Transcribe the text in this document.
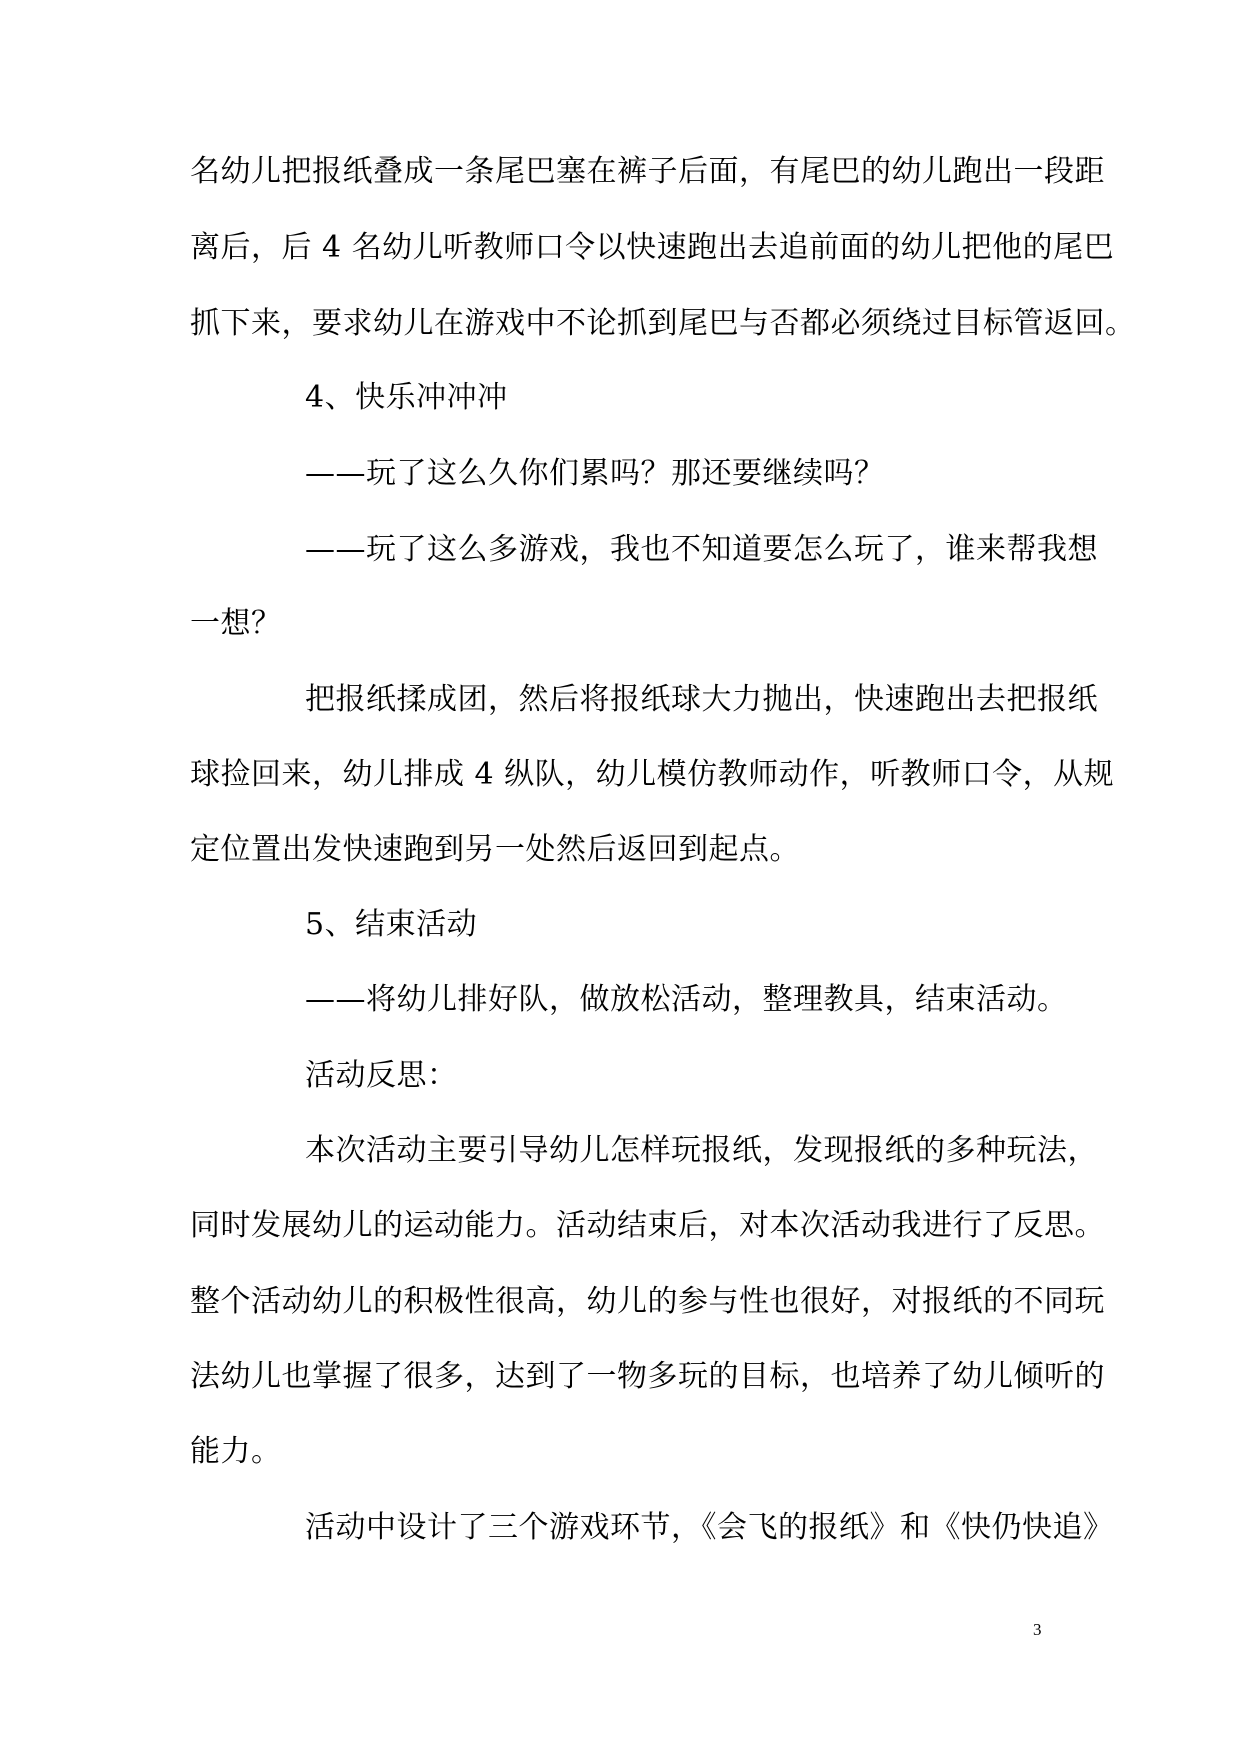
名幼儿把报纸叠成一条尾巴塞在裤子后面，有尾巴的幼儿跑出一段距
离后，后 4 名幼儿听教师口令以快速跑出去追前面的幼儿把他的尾巴
抓下来，要求幼儿在游戏中不论抓到尾巴与否都必须绕过目标管返回。
4、快乐冲冲冲
——玩了这么久你们累吗？那还要继续吗？
——玩了这么多游戏，我也不知道要怎么玩了，谁来帮我想
一想？
把报纸揉成团，然后将报纸球大力抛出，快速跑出去把报纸
球捡回来，幼儿排成 4 纵队，幼儿模仿教师动作，听教师口令，从规
定位置出发快速跑到另一处然后返回到起点。
5、结束活动
——将幼儿排好队，做放松活动，整理教具，结束活动。
活动反思：
本次活动主要引导幼儿怎样玩报纸，发现报纸的多种玩法，
同时发展幼儿的运动能力。活动结束后，对本次活动我进行了反思。
整个活动幼儿的积极性很高，幼儿的参与性也很好，对报纸的不同玩
法幼儿也掌握了很多，达到了一物多玩的目标，也培养了幼儿倾听的
能力。
活动中设计了三个游戏环节，《会飞的报纸》和《快仍快追》
3
